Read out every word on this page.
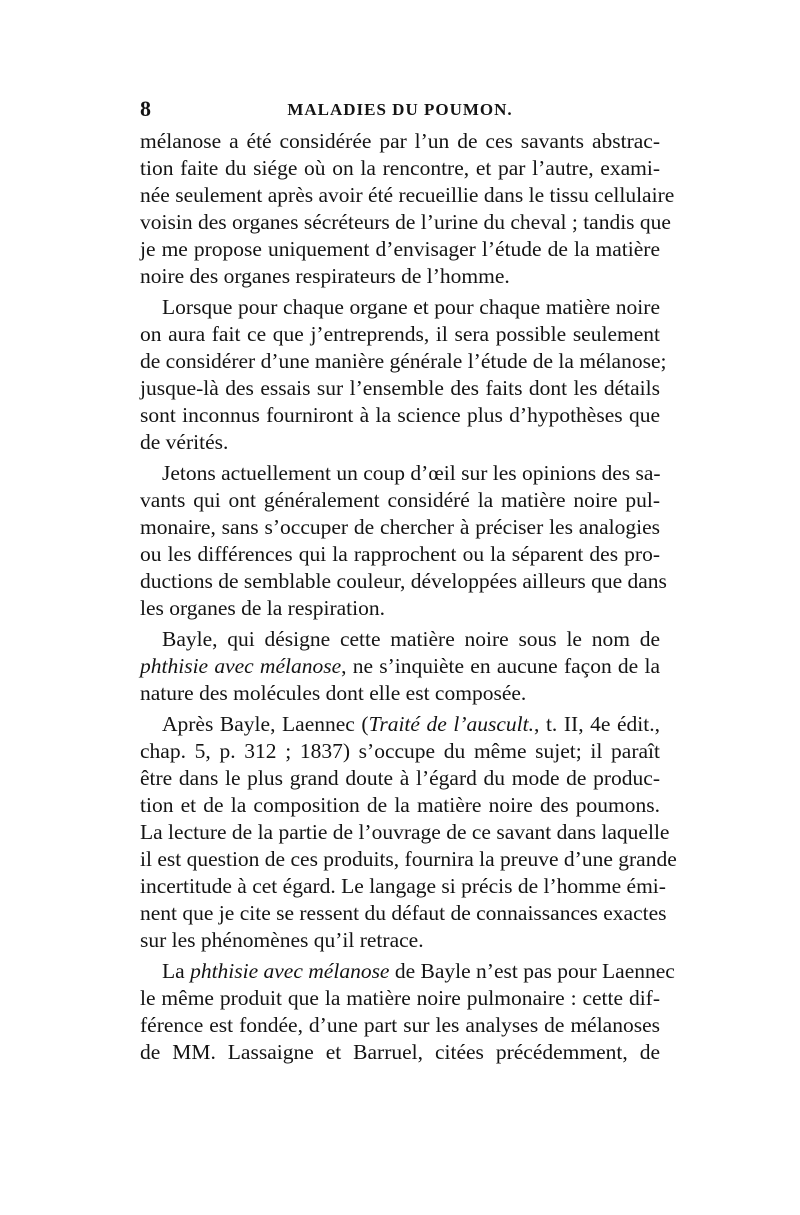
8	MALADIES DU POUMON.
mélanose a été considérée par l’un de ces savants abstrac-
tion faite du siége où on la rencontre, et par l’autre, exami-
née seulement après avoir été recueillie dans le tissu cellulaire
voisin des organes sécréteurs de l’urine du cheval ; tandis que
je me propose uniquement d’envisager l’étude de la matière
noire des organes respirateurs de l’homme.
Lorsque pour chaque organe et pour chaque matière noire
on aura fait ce que j’entreprends, il sera possible seulement
de considérer d’une manière générale l’étude de la mélanose;
jusque-là des essais sur l’ensemble des faits dont les détails
sont inconnus fourniront à la science plus d’hypothèses que
de vérités.
Jetons actuellement un coup d’œil sur les opinions des sa-
vants qui ont généralement considéré la matière noire pul-
monaire, sans s’occuper de chercher à préciser les analogies
ou les différences qui la rapprochent ou la séparent des pro-
ductions de semblable couleur, développées ailleurs que dans
les organes de la respiration.
Bayle, qui désigne cette matière noire sous le nom de
phthisie avec mélanose, ne s’inquiète en aucune façon de la
nature des molécules dont elle est composée.
Après Bayle, Laennec (Traité de l’auscult., t. II, 4e édit.,
chap. 5, p. 312 ; 1837) s’occupe du même sujet; il paraît
être dans le plus grand doute à l’égard du mode de produc-
tion et de la composition de la matière noire des poumons.
La lecture de la partie de l’ouvrage de ce savant dans laquelle
il est question de ces produits, fournira la preuve d’une grande
incertitude à cet égard. Le langage si précis de l’homme émi-
nent que je cite se ressent du défaut de connaissances exactes
sur les phénomènes qu’il retrace.
La phthisie avec mélanose de Bayle n’est pas pour Laennec
le même produit que la matière noire pulmonaire : cette dif-
férence est fondée, d’une part sur les analyses de mélanoses
de MM. Lassaigne et Barruel, citées précédemment, de
